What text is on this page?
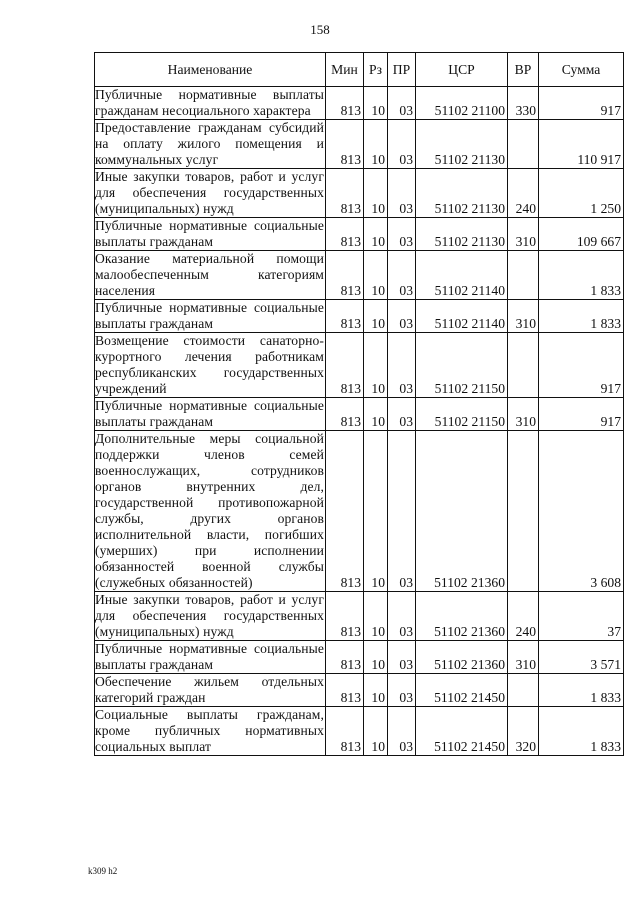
158
Наименование	Мин	Рз	ПР	ЦСР	ВР	Сумма
Публичные нормативные выплаты гражданам несоциального характера	813	10	03	51102 21100	330	917
Предоставление гражданам субсидий на оплату жилого помещения и коммунальных услуг	813	10	03	51102 21130		110 917
Иные закупки товаров, работ и услуг для обеспечения государственных (муниципальных) нужд	813	10	03	51102 21130	240	1 250
Публичные нормативные социальные выплаты гражданам	813	10	03	51102 21130	310	109 667
Оказание материальной помощи малообеспеченным категориям населения	813	10	03	51102 21140		1 833
Публичные нормативные социальные выплаты гражданам	813	10	03	51102 21140	310	1 833
Возмещение стоимости санаторно-курортного лечения работникам республиканских государственных учреждений	813	10	03	51102 21150		917
Публичные нормативные социальные выплаты гражданам	813	10	03	51102 21150	310	917
Дополнительные меры социальной поддержки членов семей военнослужащих, сотрудников органов внутренних дел, государственной противопожарной службы, других органов исполнительной власти, погибших (умерших) при исполнении обязанностей военной службы (служебных обязанностей)	813	10	03	51102 21360		3 608
Иные закупки товаров, работ и услуг для обеспечения государственных (муниципальных) нужд	813	10	03	51102 21360	240	37
Публичные нормативные социальные выплаты гражданам	813	10	03	51102 21360	310	3 571
Обеспечение жильем отдельных категорий граждан	813	10	03	51102 21450		1 833
Социальные выплаты гражданам, кроме публичных нормативных социальных выплат	813	10	03	51102 21450	320	1 833
k309 h2
